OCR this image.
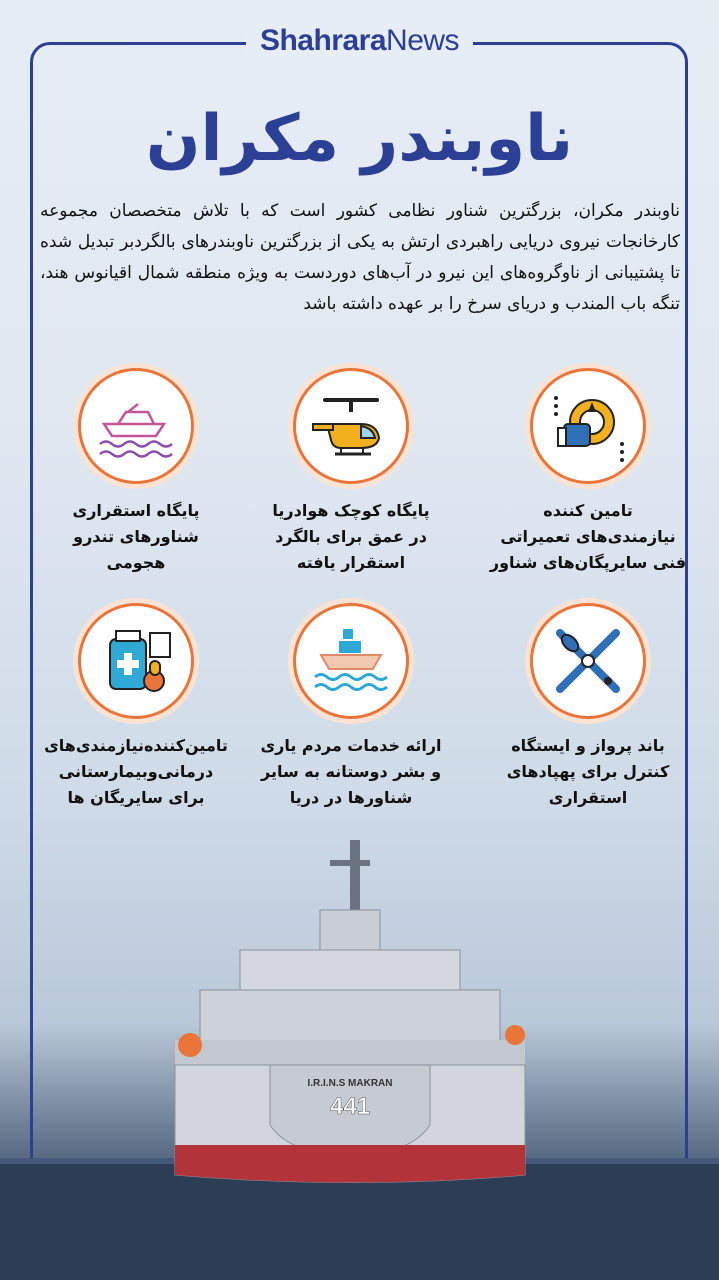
ShahraraNews
ناوبندر مکران
ناوبندر مکران، بزرگترین شناور نظامی کشور است که با تلاش متخصصان مجموعه کارخانجات نیروی دریایی راهبردی ارتش به یکی از بزرگترین ناوبندرهای بالگردبر تبدیل شده تا پشتیبانی از ناوگروه‌های این نیرو در آب‌های دوردست به ویژه منطقه شمال اقیانوس هند، تنگه باب المندب و دریای سرخ را بر عهده داشته باشد
تامین کننده
نیازمندی‌های تعمیراتی
فنی سایرپگان‌های شناور
پایگاه کوچک هوادریا
در عمق برای بالگرد
استقرار یافته
پایگاه استقراری
شناورهای تندرو
هجومی
باند پرواز و ایستگاه
کنترل برای پهپادهای
استقراری
ارائه خدمات مردم یاری
و بشر دوستانه به سایر
شناورها در دریا
تامین‌کننده‌نیازمندی‌های
درمانی‌وبیمارستانی
برای سایریگان ها
I.R.I.N.S MAKRAN
441
